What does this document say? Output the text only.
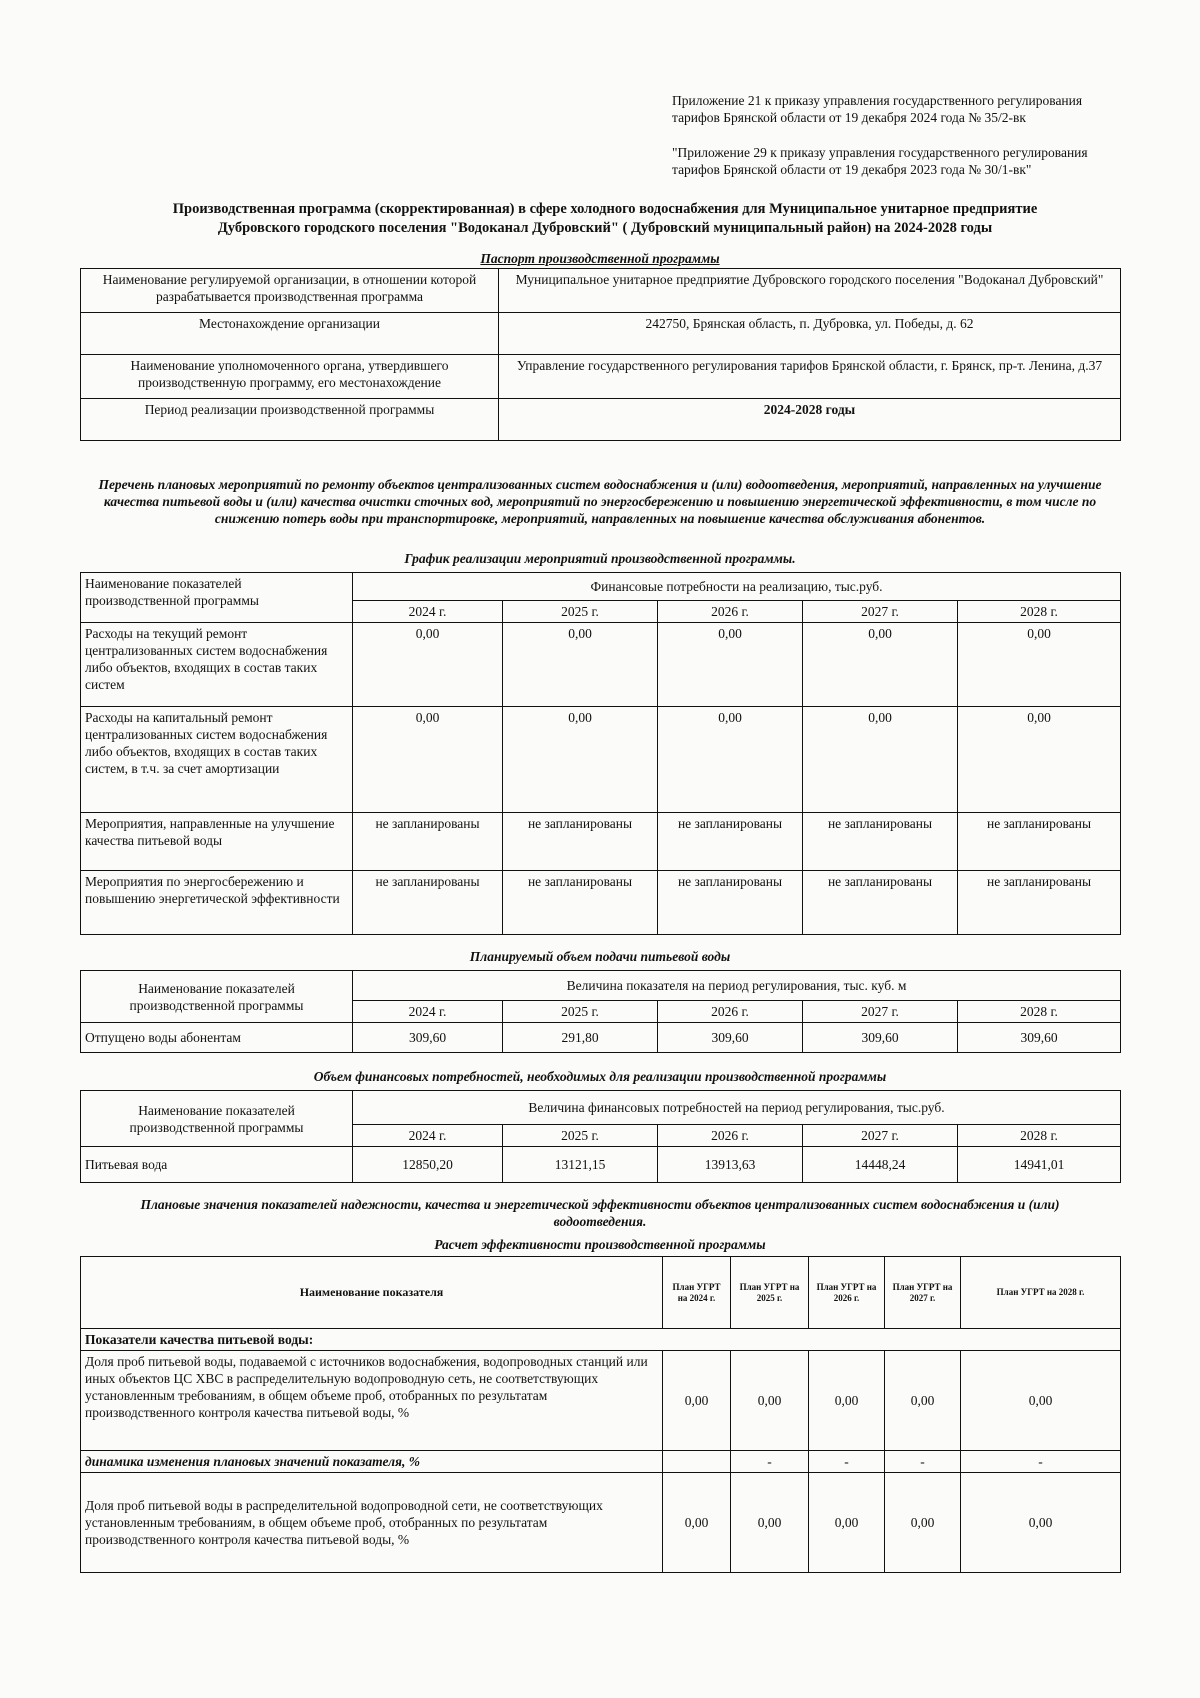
Приложение 21 к приказу управления государственного регулирования тарифов Брянской области от 19 декабря 2024 года № 35/2-вк
"Приложение 29 к приказу управления государственного регулирования тарифов Брянской области от 19 декабря 2023 года № 30/1-вк"
Производственная программа (скорректированная) в сфере холодного водоснабжения для Муниципальное унитарное предприятие
Дубровского городского поселения "Водоканал Дубровский" ( Дубровский муниципальный район) на 2024-2028 годы
Паспорт производственной программы
Наименование регулируемой организации, в отношении которой разрабатывается производственная программа	Муниципальное унитарное предприятие Дубровского городского поселения "Водоканал Дубровский"
Местонахождение организации	242750, Брянская область, п. Дубровка, ул. Победы, д. 62
Наименование уполномоченного органа, утвердившего производственную программу, его местонахождение	Управление государственного регулирования тарифов Брянской области, г. Брянск, пр-т. Ленина, д.37
Период реализации производственной программы	2024-2028 годы
Перечень плановых мероприятий по ремонту объектов централизованных систем водоснабжения и (или) водоотведения, мероприятий, направленных на улучшение качества питьевой воды и (или) качества очистки сточных вод, мероприятий по энергосбережению и повышению энергетической эффективности, в том числе по снижению потерь воды при транспортировке, мероприятий, направленных на повышение качества обслуживания абонентов.
График реализации мероприятий производственной программы.
Наименование показателей производственной программы	Финансовые потребности на реализацию, тыс.руб.				
	2024 г.	2025 г.	2026 г.	2027 г.	2028 г.
Расходы на текущий ремонт централизованных систем водоснабжения либо объектов, входящих в состав таких систем	0,00	0,00	0,00	0,00	0,00
Расходы на капитальный ремонт централизованных систем водоснабжения либо объектов, входящих в состав таких систем, в т.ч. за счет амортизации	0,00	0,00	0,00	0,00	0,00
Мероприятия, направленные на улучшение качества питьевой воды	не запланированы	не запланированы	не запланированы	не запланированы	не запланированы
Мероприятия по энергосбережению и повышению энергетической эффективности	не запланированы	не запланированы	не запланированы	не запланированы	не запланированы
Планируемый объем подачи питьевой воды
Наименование показателей производственной программы	Величина показателя на период регулирования, тыс. куб. м				
	2024 г.	2025 г.	2026 г.	2027 г.	2028 г.
Отпущено воды абонентам	309,60	291,80	309,60	309,60	309,60
Объем финансовых потребностей, необходимых для реализации производственной программы
Наименование показателей производственной программы	Величина финансовых потребностей на период регулирования, тыс.руб.				
	2024 г.	2025 г.	2026 г.	2027 г.	2028 г.
Питьевая вода	12850,20	13121,15	13913,63	14448,24	14941,01
Плановые значения показателей надежности, качества и энергетической эффективности объектов централизованных систем водоснабжения и (или) водоотведения.
Расчет эффективности производственной программы
Наименование показателя	План УГРТ на 2024 г.	План УГРТ на 2025 г.	План УГРТ на 2026 г.	План УГРТ на 2027 г.	План УГРТ на 2028 г.
Показатели качества питьевой воды:					
Доля проб питьевой воды, подаваемой с источников водоснабжения, водопроводных станций или иных объектов ЦС ХВС в распределительную водопроводную сеть, не соответствующих установленным требованиям, в общем объеме проб, отобранных по результатам производственного контроля качества питьевой воды, %	0,00	0,00	0,00	0,00	0,00
динамика изменения плановых значений показателя, %		-	-	-	-
Доля проб питьевой воды в распределительной водопроводной сети, не соответствующих установленным требованиям, в общем объеме проб, отобранных по результатам производственного контроля качества питьевой воды, %	0,00	0,00	0,00	0,00	0,00
